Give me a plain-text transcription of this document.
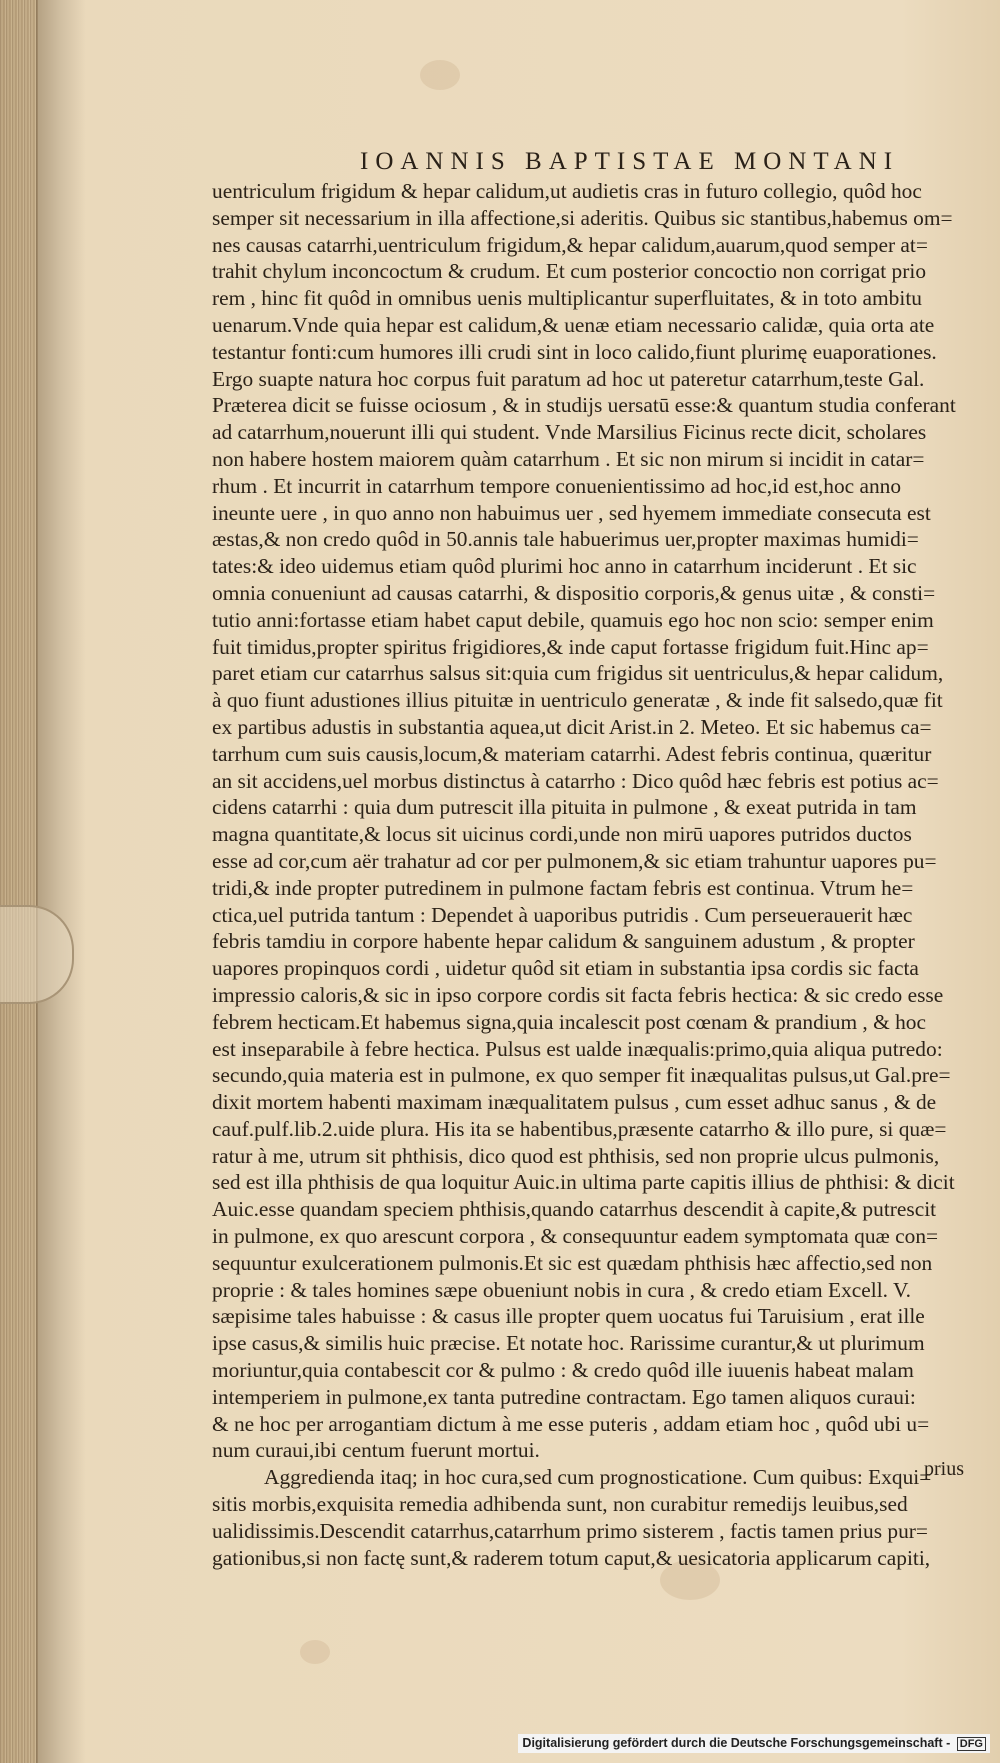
IOANNIS BAPTISTAE MONTANI
uentriculum frigidum & hepar calidum,ut audietis cras in futuro collegio, quôd hoc
semper sit necessarium in illa affectione,si aderitis. Quibus sic stantibus,habemus om=
nes causas catarrhi,uentriculum frigidum,& hepar calidum,auarum,quod semper at=
trahit chylum inconcoctum & crudum. Et cum posterior concoctio non corrigat prio
rem , hinc fit quôd in omnibus uenis multiplicantur superfluitates, & in toto ambitu
uenarum.Vnde quia hepar est calidum,& uenæ etiam necessario calidæ, quia orta ate
testantur fonti:cum humores illi crudi sint in loco calido,fiunt plurimę euaporationes.
Ergo suapte natura hoc corpus fuit paratum ad hoc ut pateretur catarrhum,teste Gal.
Præterea dicit se fuisse ociosum , & in studijs uersatū esse:& quantum studia conferant
ad catarrhum,nouerunt illi qui student. Vnde Marsilius Ficinus recte dicit, scholares
non habere hostem maiorem quàm catarrhum . Et sic non mirum si incidit in catar=
rhum . Et incurrit in catarrhum tempore conuenientissimo ad hoc,id est,hoc anno
ineunte uere , in quo anno non habuimus uer , sed hyemem immediate consecuta est
æstas,& non credo quôd in 50.annis tale habuerimus uer,propter maximas humidi=
tates:& ideo uidemus etiam quôd plurimi hoc anno in catarrhum inciderunt . Et sic
omnia conueniunt ad causas catarrhi, & dispositio corporis,& genus uitæ , & consti=
tutio anni:fortasse etiam habet caput debile, quamuis ego hoc non scio: semper enim
fuit timidus,propter spiritus frigidiores,& inde caput fortasse frigidum fuit.Hinc ap=
paret etiam cur catarrhus salsus sit:quia cum frigidus sit uentriculus,& hepar calidum,
à quo fiunt adustiones illius pituitæ in uentriculo generatæ , & inde fit salsedo,quæ fit
ex partibus adustis in substantia aquea,ut dicit Arist.in 2. Meteo. Et sic habemus ca=
tarrhum cum suis causis,locum,& materiam catarrhi. Adest febris continua, quæritur
an sit accidens,uel morbus distinctus à catarrho : Dico quôd hæc febris est potius ac=
cidens catarrhi : quia dum putrescit illa pituita in pulmone , & exeat putrida in tam
magna quantitate,& locus sit uicinus cordi,unde non mirū uapores putridos ductos
esse ad cor,cum aër trahatur ad cor per pulmonem,& sic etiam trahuntur uapores pu=
tridi,& inde propter putredinem in pulmone factam febris est continua. Vtrum he=
ctica,uel putrida tantum : Dependet à uaporibus putridis . Cum perseuerauerit hæc
febris tamdiu in corpore habente hepar calidum & sanguinem adustum , & propter
uapores propinquos cordi , uidetur quôd sit etiam in substantia ipsa cordis sic facta
impressio caloris,& sic in ipso corpore cordis sit facta febris hectica: & sic credo esse
febrem hecticam.Et habemus signa,quia incalescit post cœnam & prandium , & hoc
est inseparabile à febre hectica. Pulsus est ualde inæqualis:primo,quia aliqua putredo:
secundo,quia materia est in pulmone, ex quo semper fit inæqualitas pulsus,ut Gal.pre=
dixit mortem habenti maximam inæqualitatem pulsus , cum esset adhuc sanus , & de
cauf.pulf.lib.2.uide plura. His ita se habentibus,præsente catarrho & illo pure, si quæ=
ratur à me, utrum sit phthisis, dico quod est phthisis, sed non proprie ulcus pulmonis,
sed est illa phthisis de qua loquitur Auic.in ultima parte capitis illius de phthisi: & dicit
Auic.esse quandam speciem phthisis,quando catarrhus descendit à capite,& putrescit
in pulmone, ex quo arescunt corpora , & consequuntur eadem symptomata quæ con=
sequuntur exulcerationem pulmonis.Et sic est quædam phthisis hæc affectio,sed non
proprie : & tales homines sæpe obueniunt nobis in cura , & credo etiam Excell. V.
sæpisime tales habuisse : & casus ille propter quem uocatus fui Taruisium , erat ille
ipse casus,& similis huic præcise. Et notate hoc. Rarissime curantur,& ut plurimum
moriuntur,quia contabescit cor & pulmo : & credo quôd ille iuuenis habeat malam
intemperiem in pulmone,ex tanta putredine contractam. Ego tamen aliquos curaui:
& ne hoc per arrogantiam dictum à me esse puteris , addam etiam hoc , quôd ubi u=
num curaui,ibi centum fuerunt mortui.
Aggredienda itaq; in hoc cura,sed cum prognosticatione. Cum quibus: Exqui=
sitis morbis,exquisita remedia adhibenda sunt, non curabitur remedijs leuibus,sed
ualidissimis.Descendit catarrhus,catarrhum primo sisterem , factis tamen prius pur=
gationibus,si non factę sunt,& raderem totum caput,& uesicatoria applicarum capiti,
prius
Digitalisierung gefördert durch die Deutsche Forschungsgemeinschaft - DFG
